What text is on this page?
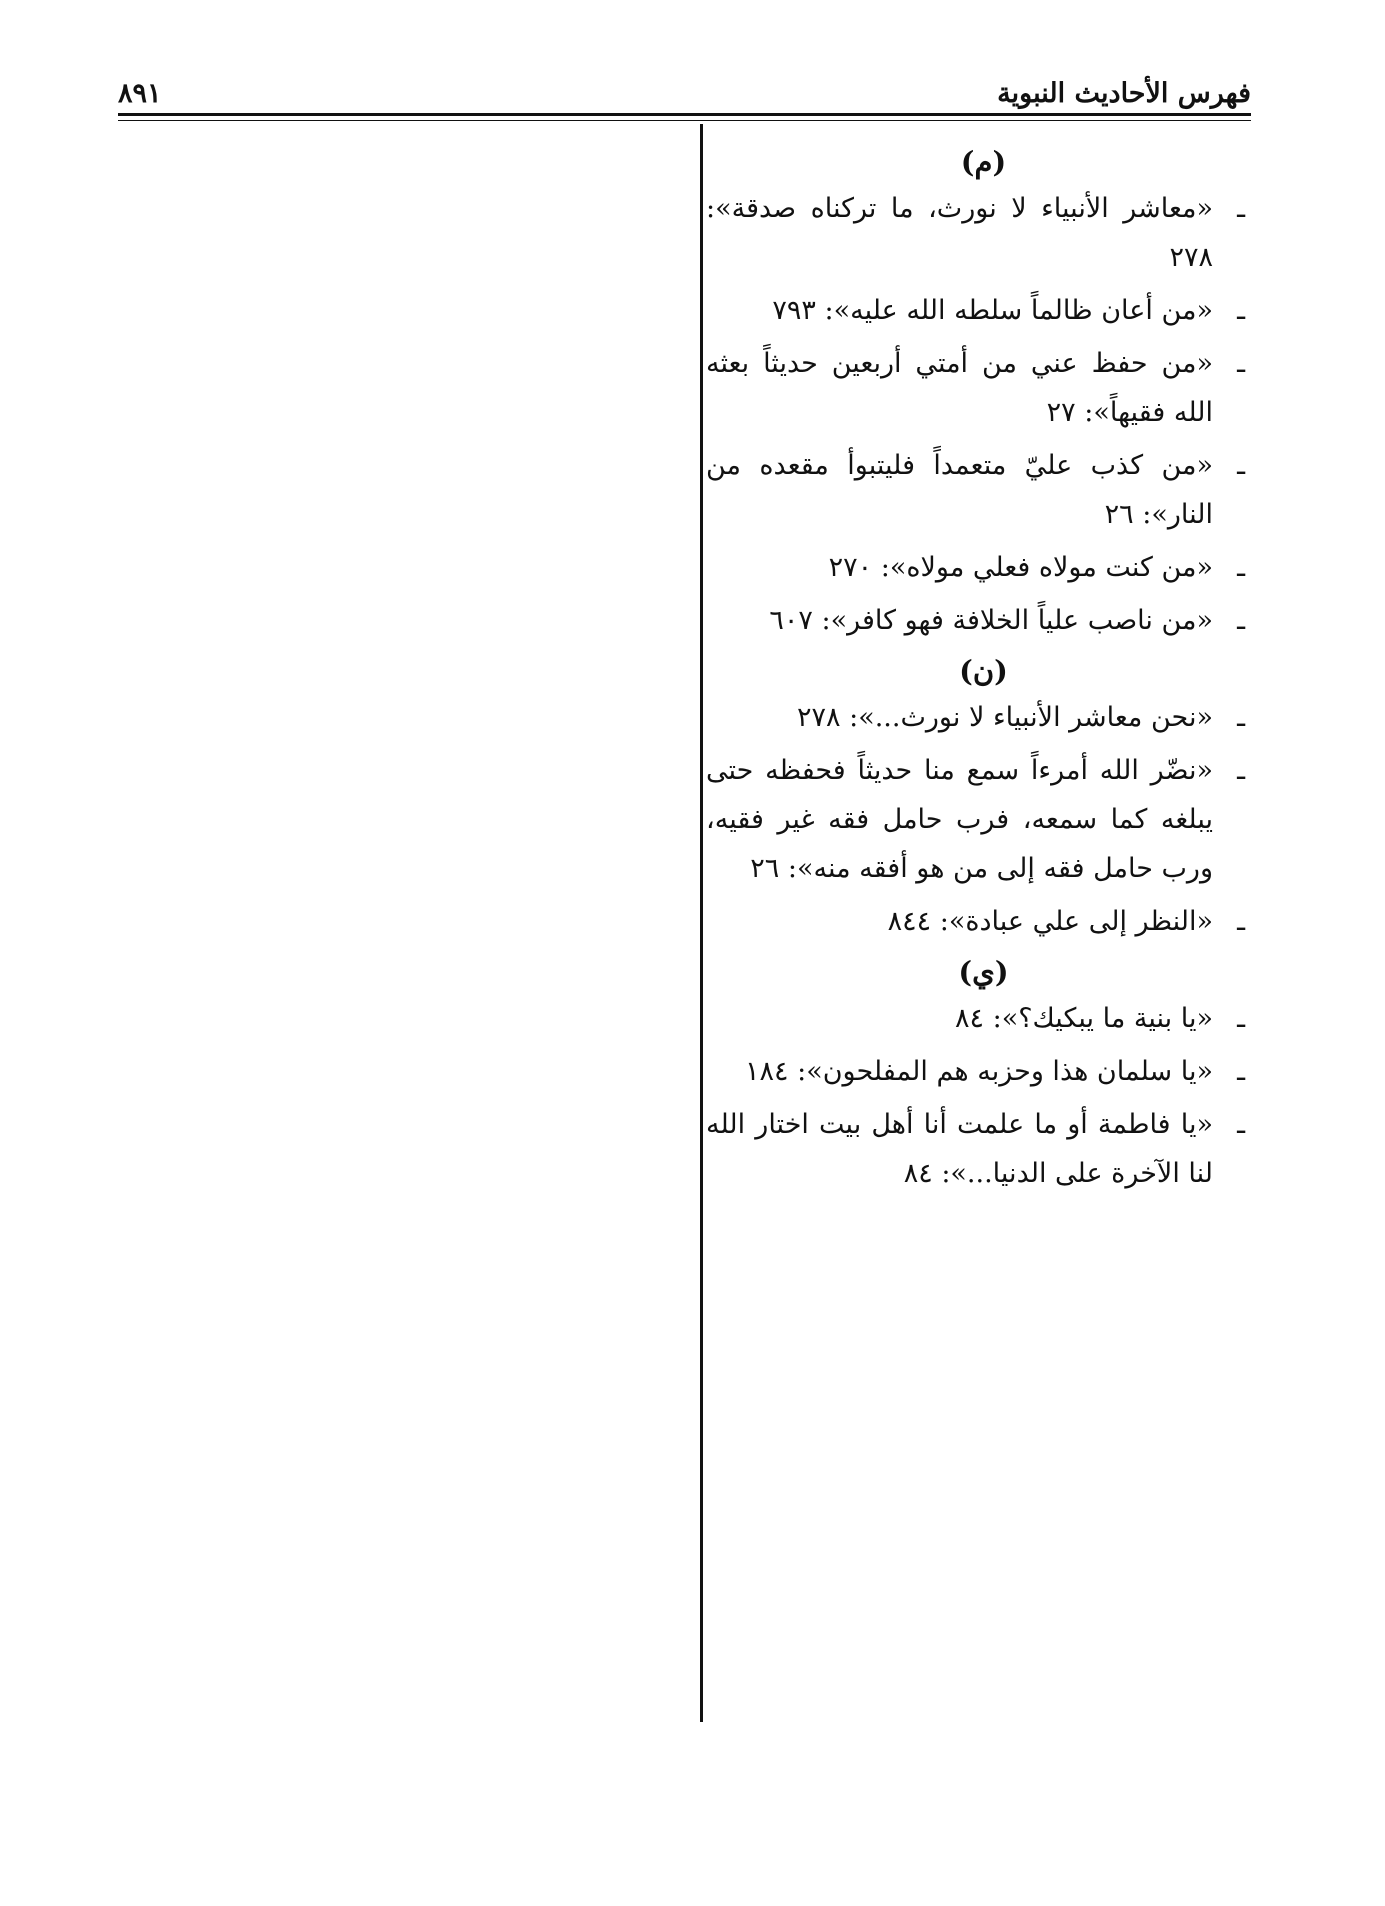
فهرس الأحاديث النبوية
٨٩١
(م)
ـ
«معاشر الأنبياء لا نورث، ما تركناه صدقة»: ٢٧٨
ـ
«من أعان ظالماً سلطه الله عليه»: ٧٩٣
ـ
«من حفظ عني من أمتي أربعين حديثاً بعثه الله فقيهاً»: ٢٧
ـ
«من كذب عليّ متعمداً فليتبوأ مقعده من النار»: ٢٦
ـ
«من كنت مولاه فعلي مولاه»: ٢٧٠
ـ
«من ناصب علياً الخلافة فهو كافر»: ٦٠٧
(ن)
ـ
«نحن معاشر الأنبياء لا نورث...»: ٢٧٨
ـ
«نضّر الله أمرءاً سمع منا حديثاً فحفظه حتى يبلغه كما سمعه، فرب حامل فقه غير فقيه، ورب حامل فقه إلى من هو أفقه منه»: ٢٦
ـ
«النظر إلى علي عبادة»: ٨٤٤
(ي)
ـ
«يا بنية ما يبكيك؟»: ٨٤
ـ
«يا سلمان هذا وحزبه هم المفلحون»: ١٨٤
ـ
«يا فاطمة أو ما علمت أنا أهل بيت اختار الله لنا الآخرة على الدنيا...»: ٨٤
